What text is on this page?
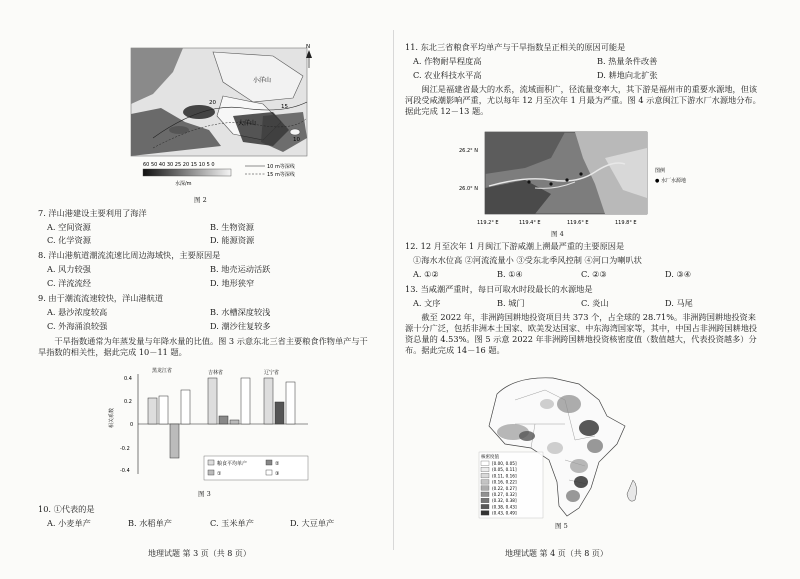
小洋山
大洋山
10
15
20
N
60 50 40 30 25 20 15 10 5 0
水深/m
10 m等深线
15 m等深线
图 2
7. 洋山港建设主要利用了海洋
A. 空间资源	B. 生物资源
C. 化学资源	D. 能源资源
8. 洋山港航道潮流流速比周边海域快，主要原因是
A. 风力较强	B. 地壳运动活跃
C. 洋流流经	D. 地形狭窄
9. 由于潮流流速较快，洋山港航道
A. 悬沙浓度较高	B. 水槽深度较浅
C. 外海涌浪较强	D. 潮沙往复较多
干旱指数通常为年蒸发量与年降水量的比值。图 3 示意东北三省主要粮食作物单产与干旱指数的相关性，据此完成 10－11 题。
相关系数
0.4
0.2
0
-0.2
-0.4
黑龙江省	吉林省	辽宁省
粮食平均单产	②
①	③
图 3
10. ①代表的是
A. 小麦单产	B. 水稻单产	C. 玉米单产	D. 大豆单产
地理试题 第 3 页（共 8 页）
11. 东北三省粮食平均单产与干旱指数呈正相关的原因可能是
A. 作物耐旱程度高	B. 热量条件改善
C. 农业科技水平高	D. 耕地向北扩张
闽江是福建省最大的水系，流域面积广，径流量变率大，其下游是福州市的重要水源地，但该河段受咸潮影响严重，尤以每年 12 月至次年 1 月最为严重。图 4 示意闽江下游水厂水源地分布。据此完成 12－13 题。
26.2° N
26.0° N
图例
● 水厂水源地
119.2° E	119.4° E	119.6° E	119.8° E
图 4
12. 12 月至次年 1 月闽江下游咸潮上溯最严重的主要原因是
①海水水位高 ②河流流量小 ③受东北季风控制 ④河口为喇叭状
A. ①②	B. ①④	C. ②③	D. ③④
13. 当咸潮严重时，每日可取水时段最长的水源地是
A. 文序	B. 城门	C. 炎山	D. 马尾
截至 2022 年，非洲跨国耕地投资项目共 373 个，占全球的 28.71%。非洲跨国耕地投资来源十分广泛，包括非洲本土国家、欧美发达国家、中东海湾国家等，其中，中国占非洲跨国耕地投资总量的 4.53%。图 5 示意 2022 年非洲跨国耕地投资核密度值（数值越大，代表投资越多）分布。据此完成 14－16 题。
核密度值
[0.00, 0.05]
(0.05, 0.11]
(0.11, 0.16]
(0.16, 0.22]
(0.22, 0.27]
(0.27, 0.32]
(0.32, 0.38]
(0.38, 0.43]
(0.43, 0.49]
图 5
地理试题 第 4 页（共 8 页）
